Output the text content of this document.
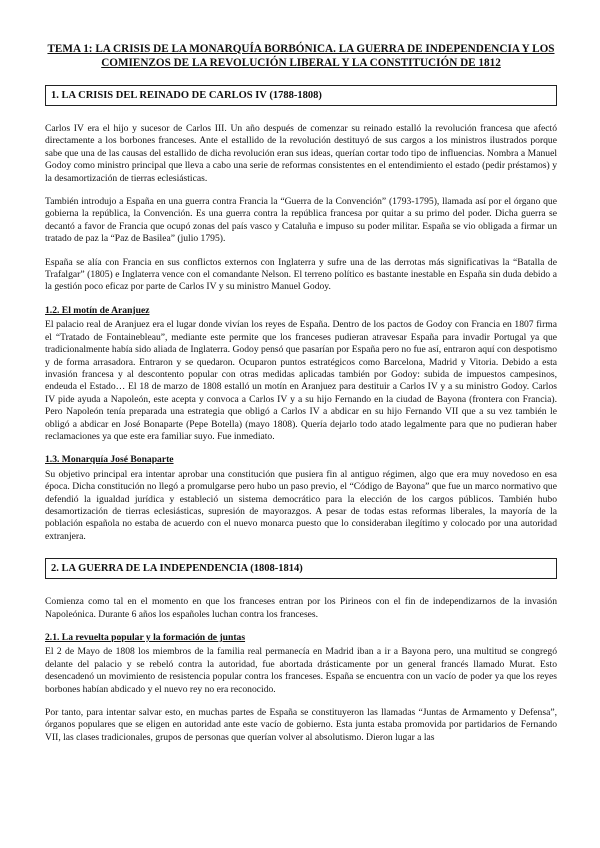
TEMA 1: LA CRISIS DE LA MONARQUÍA BORBÓNICA. LA GUERRA DE INDEPENDENCIA Y LOS COMIENZOS DE LA REVOLUCIÓN LIBERAL Y LA CONSTITUCIÓN DE 1812
1. LA CRISIS DEL REINADO DE CARLOS IV (1788-1808)

Carlos IV era el hijo y sucesor de Carlos III. Un año después de comenzar su reinado estalló la revolución francesa que afectó directamente a los borbones franceses. Ante el estallido de la revolución destituyó de sus cargos a los ministros ilustrados porque sabe que una de las causas del estallido de dicha revolución eran sus ideas, querían cortar todo tipo de influencias. Nombra a Manuel Godoy como ministro principal que lleva a cabo una serie de reformas consistentes en el entendimiento el estado (pedir préstamos) y la desamortización de tierras eclesiásticas.

También introdujo a España en una guerra contra Francia la “Guerra de la Convención” (1793-1795), llamada así por el órgano que gobierna la república, la Convención. Es una guerra contra la república francesa por quitar a su primo del poder. Dicha guerra se decantó a favor de Francia que ocupó zonas del país vasco y Cataluña e impuso su poder militar. España se vio obligada a firmar un tratado de paz la “Paz de Basilea” (julio 1795).

España se alía con Francia en sus conflictos externos con Inglaterra y sufre una de las derrotas más significativas la “Batalla de Trafalgar” (1805) e Inglaterra vence con el comandante Nelson. El terreno político es bastante inestable en España sin duda debido a la gestión poco eficaz por parte de Carlos IV y su ministro Manuel Godoy.

1.2. El motín de Aranjuez

El palacio real de Aranjuez era el lugar donde vivían los reyes de España. Dentro de los pactos de Godoy con Francia en 1807 firma el “Tratado de Fontainebleau”, mediante este permite que los franceses pudieran atravesar España para invadir Portugal ya que tradicionalmente había sido aliada de Inglaterra. Godoy pensó que pasarían por España pero no fue así, entraron aquí con despotismo y de forma arrasadora. Entraron y se quedaron. Ocuparon puntos estratégicos como Barcelona, Madrid y Vitoria. Debido a esta invasión francesa y al descontento popular con otras medidas aplicadas también por Godoy: subida de impuestos campesinos, endeuda el Estado… El 18 de marzo de 1808 estalló un motín en Aranjuez para destituir a Carlos IV y a su ministro Godoy. Carlos IV pide ayuda a Napoleón, este acepta y convoca a Carlos IV y a su hijo Fernando en la ciudad de Bayona (frontera con Francia). Pero Napoleón tenía preparada una estrategia que obligó a Carlos IV a abdicar en su hijo Fernando VII que a su vez también le obligó a abdicar en José Bonaparte (Pepe Botella) (mayo 1808). Quería dejarlo todo atado legalmente para que no pudieran haber reclamaciones ya que este era familiar suyo. Fue inmediato.

1.3. Monarquía José Bonaparte

Su objetivo principal era intentar aprobar una constitución que pusiera fin al antiguo régimen, algo que era muy novedoso en esa época. Dicha constitución no llegó a promulgarse pero hubo un paso previo, el “Código de Bayona” que fue un marco normativo que defendió la igualdad jurídica y estableció un sistema democrático para la elección de los cargos públicos. También hubo desamortización de tierras eclesiásticas, supresión de mayorazgos. A pesar de todas estas reformas liberales, la mayoría de la población española no estaba de acuerdo con el nuevo monarca puesto que lo consideraban ilegítimo y colocado por una autoridad extranjera.

2. LA GUERRA DE LA INDEPENDENCIA (1808-1814)

Comienza como tal en el momento en que los franceses entran por los Pirineos con el fin de independizarnos de la invasión Napoleónica. Durante 6 años los españoles luchan contra los franceses.

2.1. La revuelta popular y la formación de juntas

El 2 de Mayo de 1808 los miembros de la familia real permanecía en Madrid iban a ir a Bayona pero, una multitud se congregó delante del palacio y se rebeló contra la autoridad, fue abortada drásticamente por un general francés llamado Murat. Esto desencadenó un movimiento de resistencia popular contra los franceses. España se encuentra con un vacío de poder ya que los reyes borbones habían abdicado y el nuevo rey no era reconocido.

Por tanto, para intentar salvar esto, en muchas partes de España se constituyeron las llamadas “Juntas de Armamento y Defensa”, órganos populares que se eligen en autoridad ante este vacío de gobierno. Esta junta estaba promovida por partidarios de Fernando VII, las clases tradicionales, grupos de personas que querían volver al absolutismo. Dieron lugar a las
